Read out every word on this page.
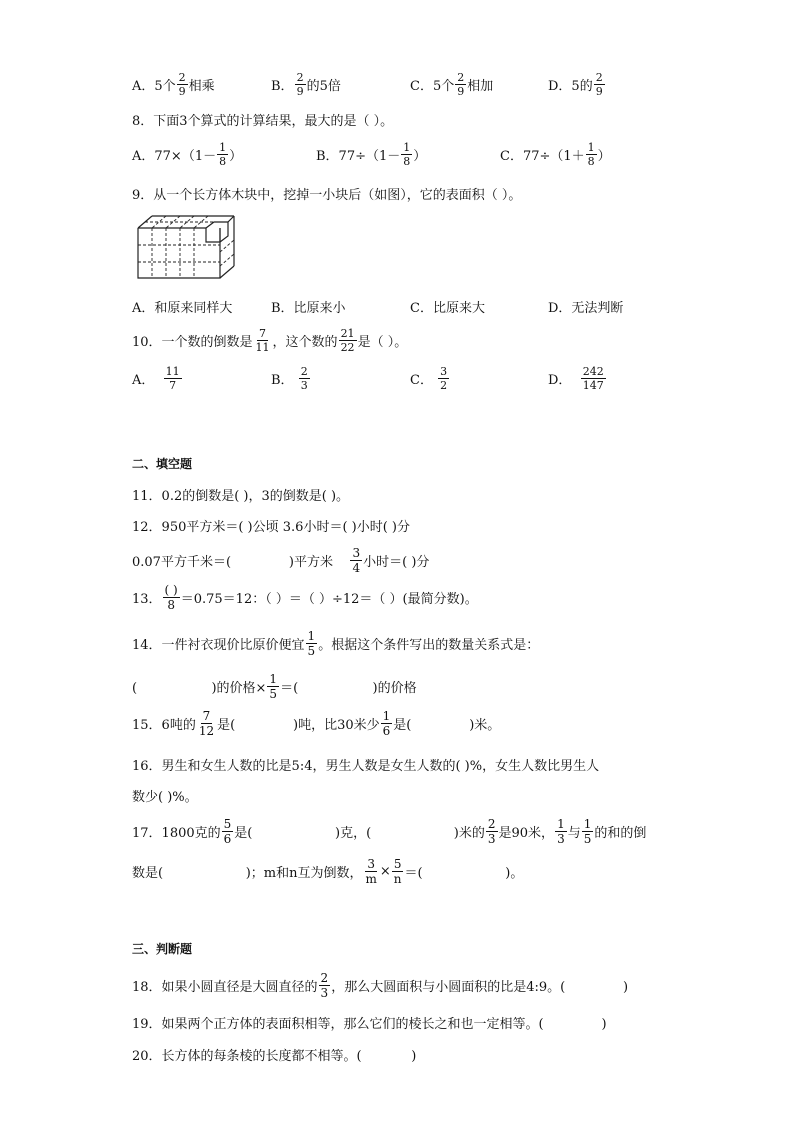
A．5个 $\frac{2}{9}$ 相乘	B． $\frac{2}{9}$ 的5倍	C．5个 $\frac{2}{9}$ 相加	D．5的 $\frac{2}{9}$
8．下面3个算式的计算结果，最大的是（ ）。
A．$77\times(1- \frac{1}{8}$ ）	B．$77\div(1- \frac{1}{8}$ ）	C．$77\div(1+ \frac{1}{8}$ ）
9．从一个长方体木块中，挖掉一小块后（如图），它的表面积（ ）。
A．和原来同样大	B．比原来小	C．比原来大	D．无法判断
10．一个数的倒数是 $\frac{7}{11}$ ，这个数的 $\frac{21}{22}$ 是（ ）。
A．
$\frac{11}{7}$	B．
$\frac{2}{3}$	C．
$\frac{3}{2}$	D．
$\frac{242}{147}$
二、填空题
11．0.2的倒数是( )，3的倒数是( )。
12．950平方米＝( )公顷 3.6小时＝( )小时( )分
0.07平方千米＝(              )平方米 $\frac{3}{4}$ 小时＝( )分
13． $\frac{( )}{8} =0.75=12$：（ ）＝（ ）÷12＝（ ）(最简分数)。
14．一件衬衣现价比原价便宜 $\frac{1}{5}$ 。根据这个条件写出的数量关系式是：
(                  )的价格× $\frac{1}{5}$ ＝(                  )的价格
15．6吨的 $\frac{7}{12}$ 是(              )吨，比30米少 $\frac{1}{6}$ 是(              )米。
16．男生和女生人数的比是5:4，男生人数是女生人数的( )%，女生人数比男生人
数少( )%。
17．1800克的 $\frac{5}{6}$ 是(                    )克，(                    )米的 $\frac{2}{3}$ 是90米， $\frac{1}{3}$ 与 $\frac{1}{5}$ 的和的倒
数是(                    )；m和n互为倒数， $\frac{3}{m} \times \frac{5}{n}$ ＝(                    )。
三、判断题
18．如果小圆直径是大圆直径的 $\frac{2}{3}$ ，那么大圆面积与小圆面积的比是4:9。(              )
19．如果两个正方体的表面积相等，那么它们的棱长之和也一定相等。(              )
20．长方体的每条棱的长度都不相等。(            )
